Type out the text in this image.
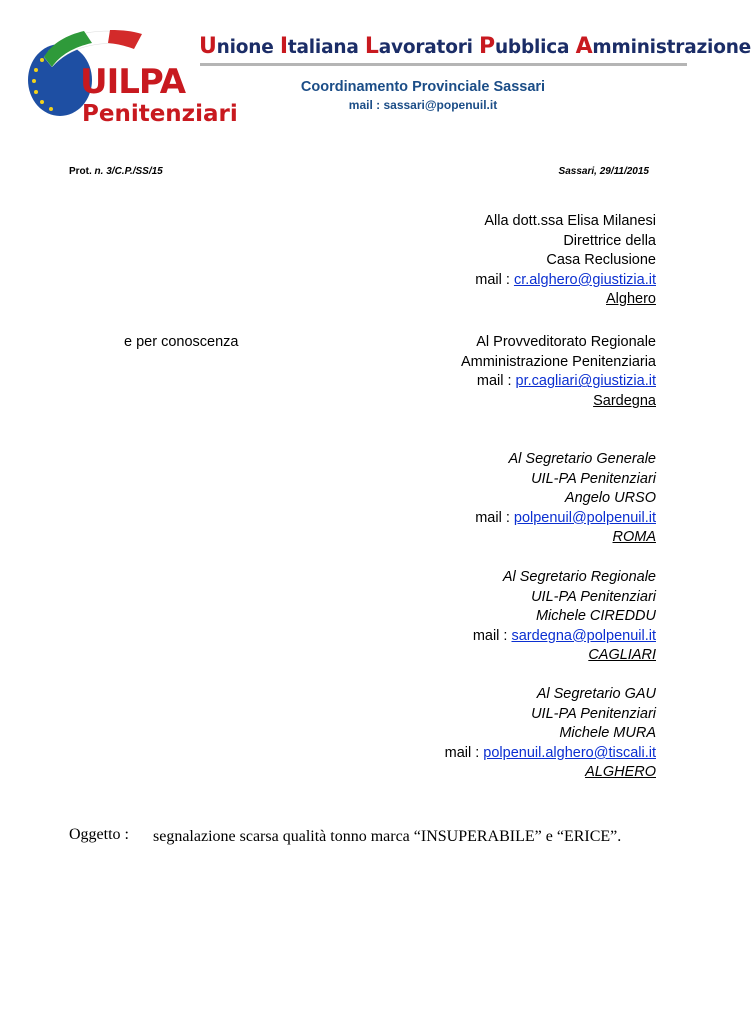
UILPA
Penitenziari
Unione Italiana Lavoratori Pubblica Amministrazione
Coordinamento Provinciale Sassari
mail : sassari@popenuil.it
Prot. n. 3/C.P./SS/15	Sassari, 29/11/2015
Alla dott.ssa Elisa Milanesi
Direttrice della
Casa Reclusione
mail : cr.alghero@giustizia.it
Alghero
e per conoscenza	Al Provveditorato Regionale
Amministrazione Penitenziaria
mail : pr.cagliari@giustizia.it
Sardegna
Al Segretario Generale
UIL-PA Penitenziari
Angelo URSO
mail : polpenuil@polpenuil.it
ROMA
Al Segretario Regionale
UIL-PA Penitenziari
Michele CIREDDU
mail : sardegna@polpenuil.it
CAGLIARI
Al Segretario GAU
UIL-PA Penitenziari
Michele MURA
mail : polpenuil.alghero@tiscali.it
ALGHERO
Oggetto : segnalazione scarsa qualità tonno marca “INSUPERABILE” e “ERICE”.
